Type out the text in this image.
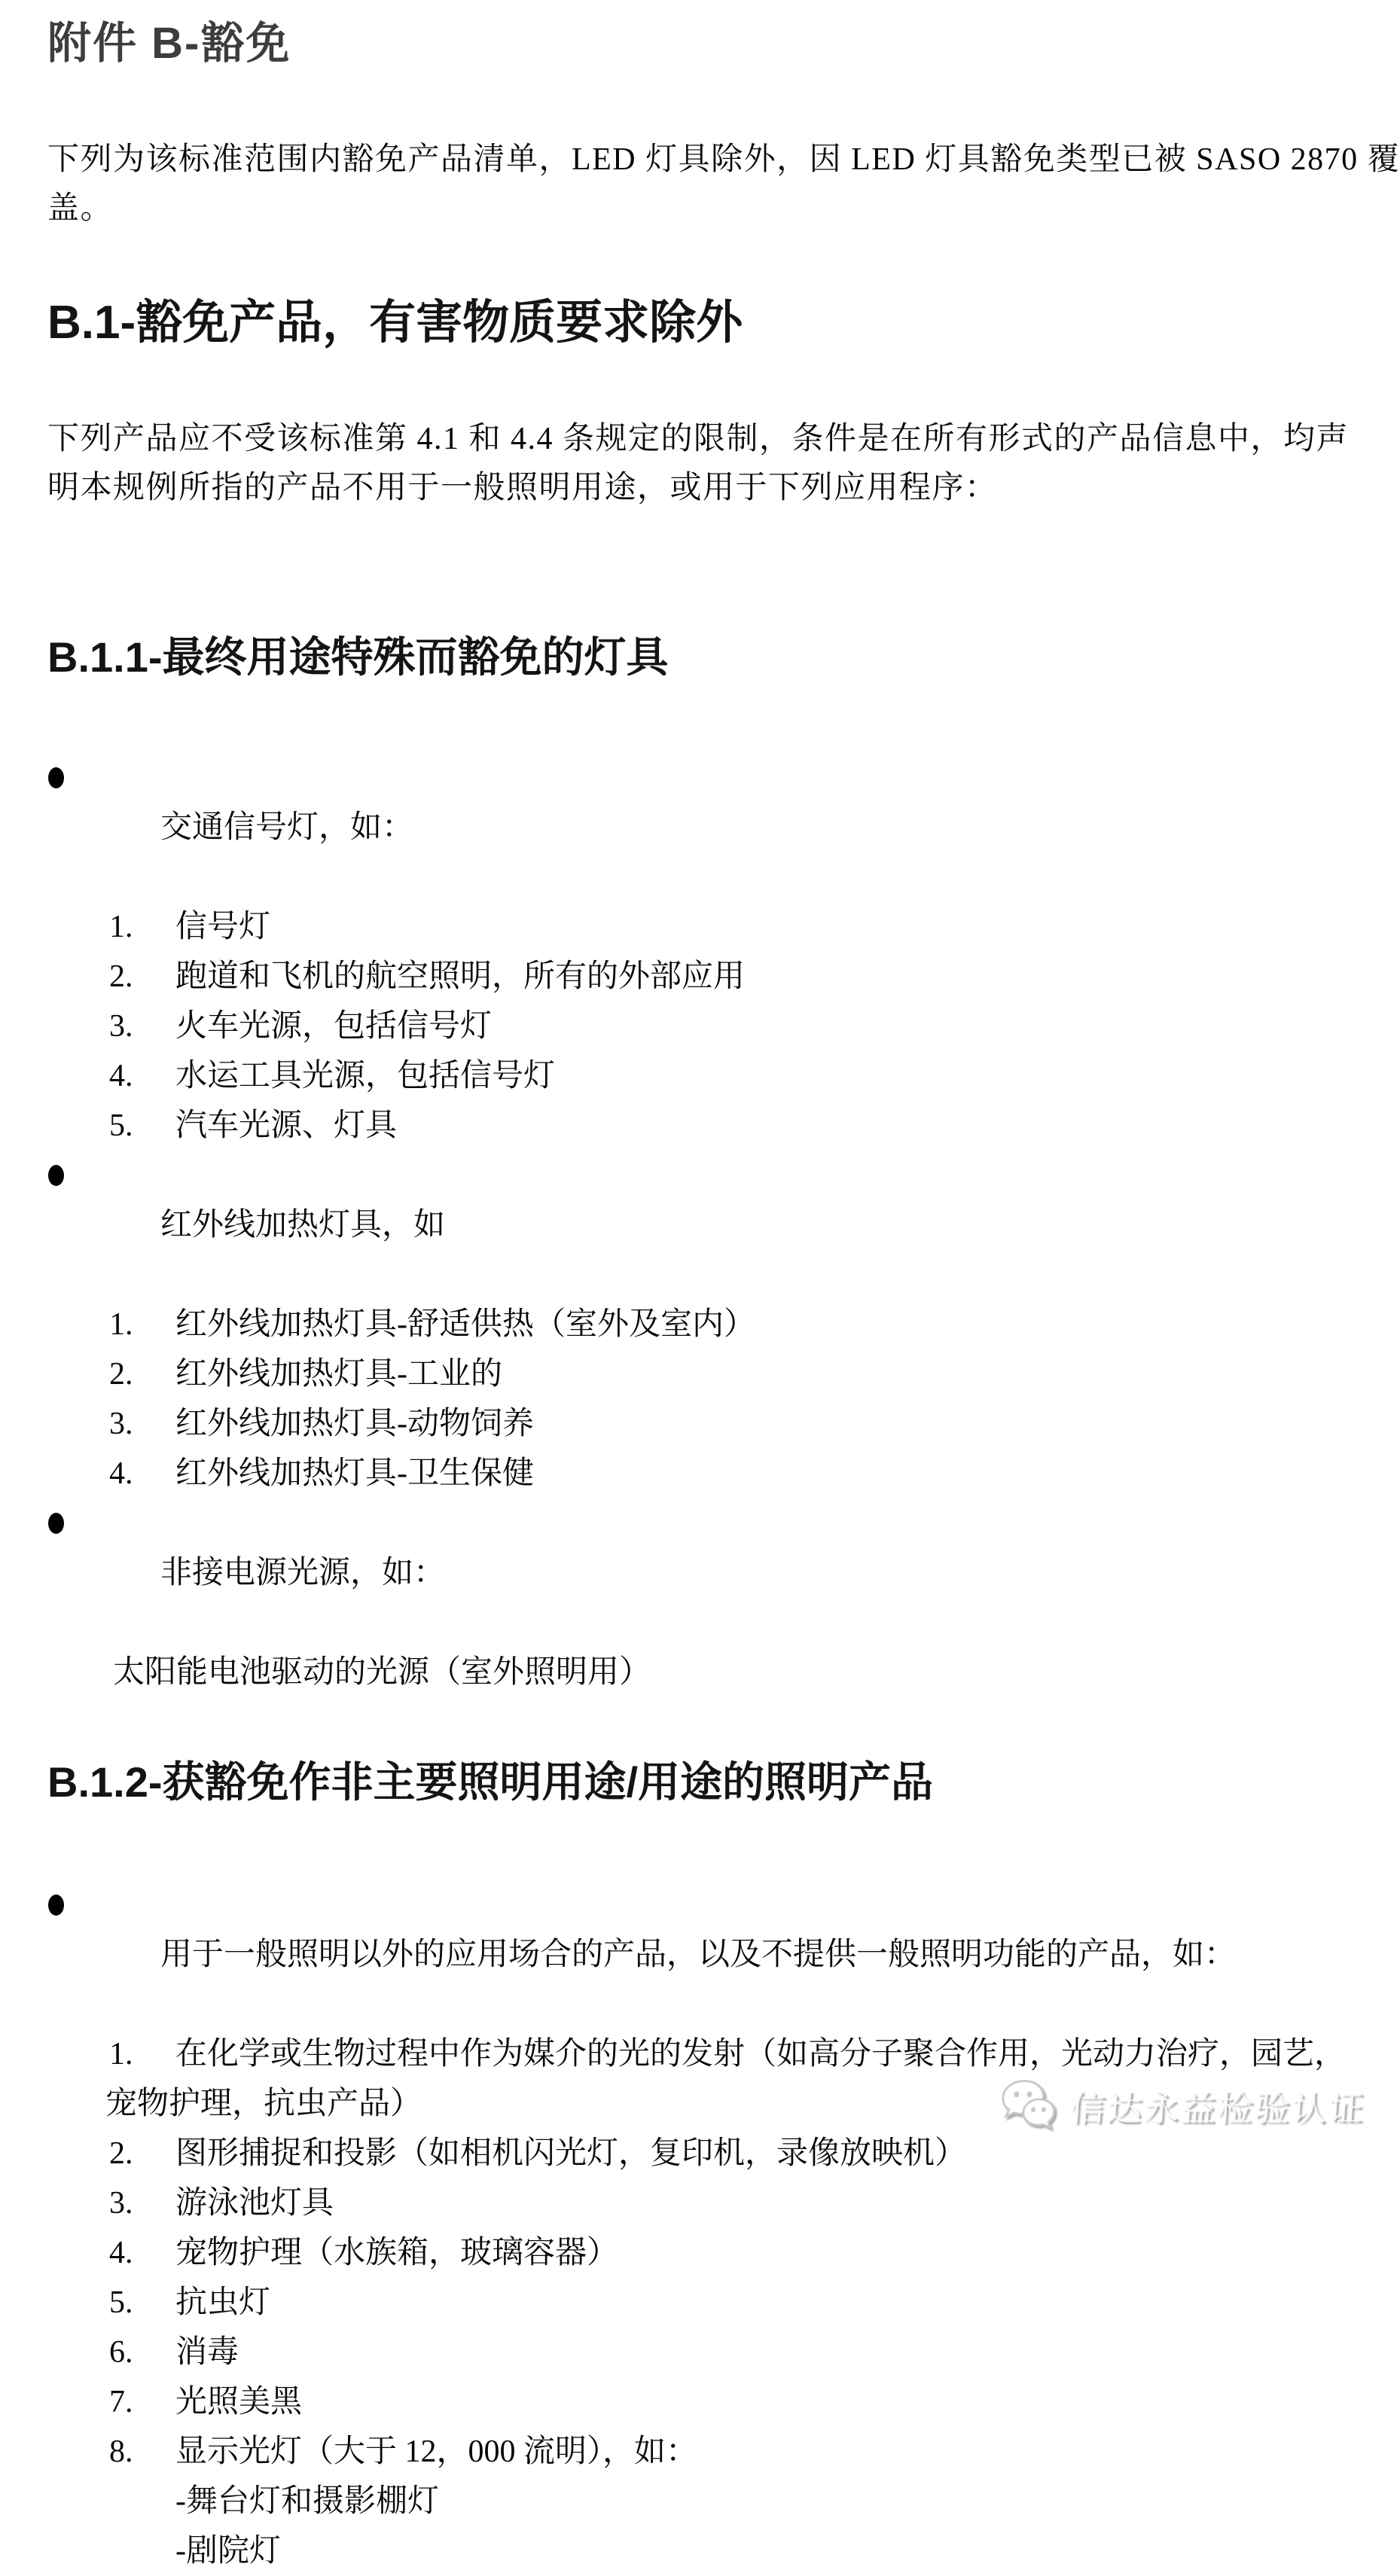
附件 B-豁免
下列为该标准范围内豁免产品清单，LED 灯具除外，因 LED 灯具豁免类型已被 SASO 2870 覆
盖。
B.1-豁免产品，有害物质要求除外
下列产品应不受该标准第 4.1 和 4.4 条规定的限制，条件是在所有形式的产品信息中，均声
明本规例所指的产品不用于一般照明用途，或用于下列应用程序：
B.1.1-最终用途特殊而豁免的灯具

交通信号灯，如：

1. 信号灯
2. 跑道和飞机的航空照明，所有的外部应用
3. 火车光源，包括信号灯
4. 水运工具光源，包括信号灯
5. 汽车光源、灯具

红外线加热灯具，如

1. 红外线加热灯具-舒适供热（室外及室内）
2. 红外线加热灯具-工业的
3. 红外线加热灯具-动物饲养
4. 红外线加热灯具-卫生保健

非接电源光源，如：

太阳能电池驱动的光源（室外照明用）
B.1.2-获豁免作非主要照明用途/用途的照明产品

用于一般照明以外的应用场合的产品，以及不提供一般照明功能的产品，如：

1. 在化学或生物过程中作为媒介的光的发射（如高分子聚合作用，光动力治疗，园艺，
宠物护理，抗虫产品）
2. 图形捕捉和投影（如相机闪光灯，复印机，录像放映机）
3. 游泳池灯具
4. 宠物护理（水族箱，玻璃容器）
5. 抗虫灯
6. 消毒
7. 光照美黑
8. 显示光灯（大于 12，000 流明），如：
-舞台灯和摄影棚灯
-剧院灯
信达永益检验认证
